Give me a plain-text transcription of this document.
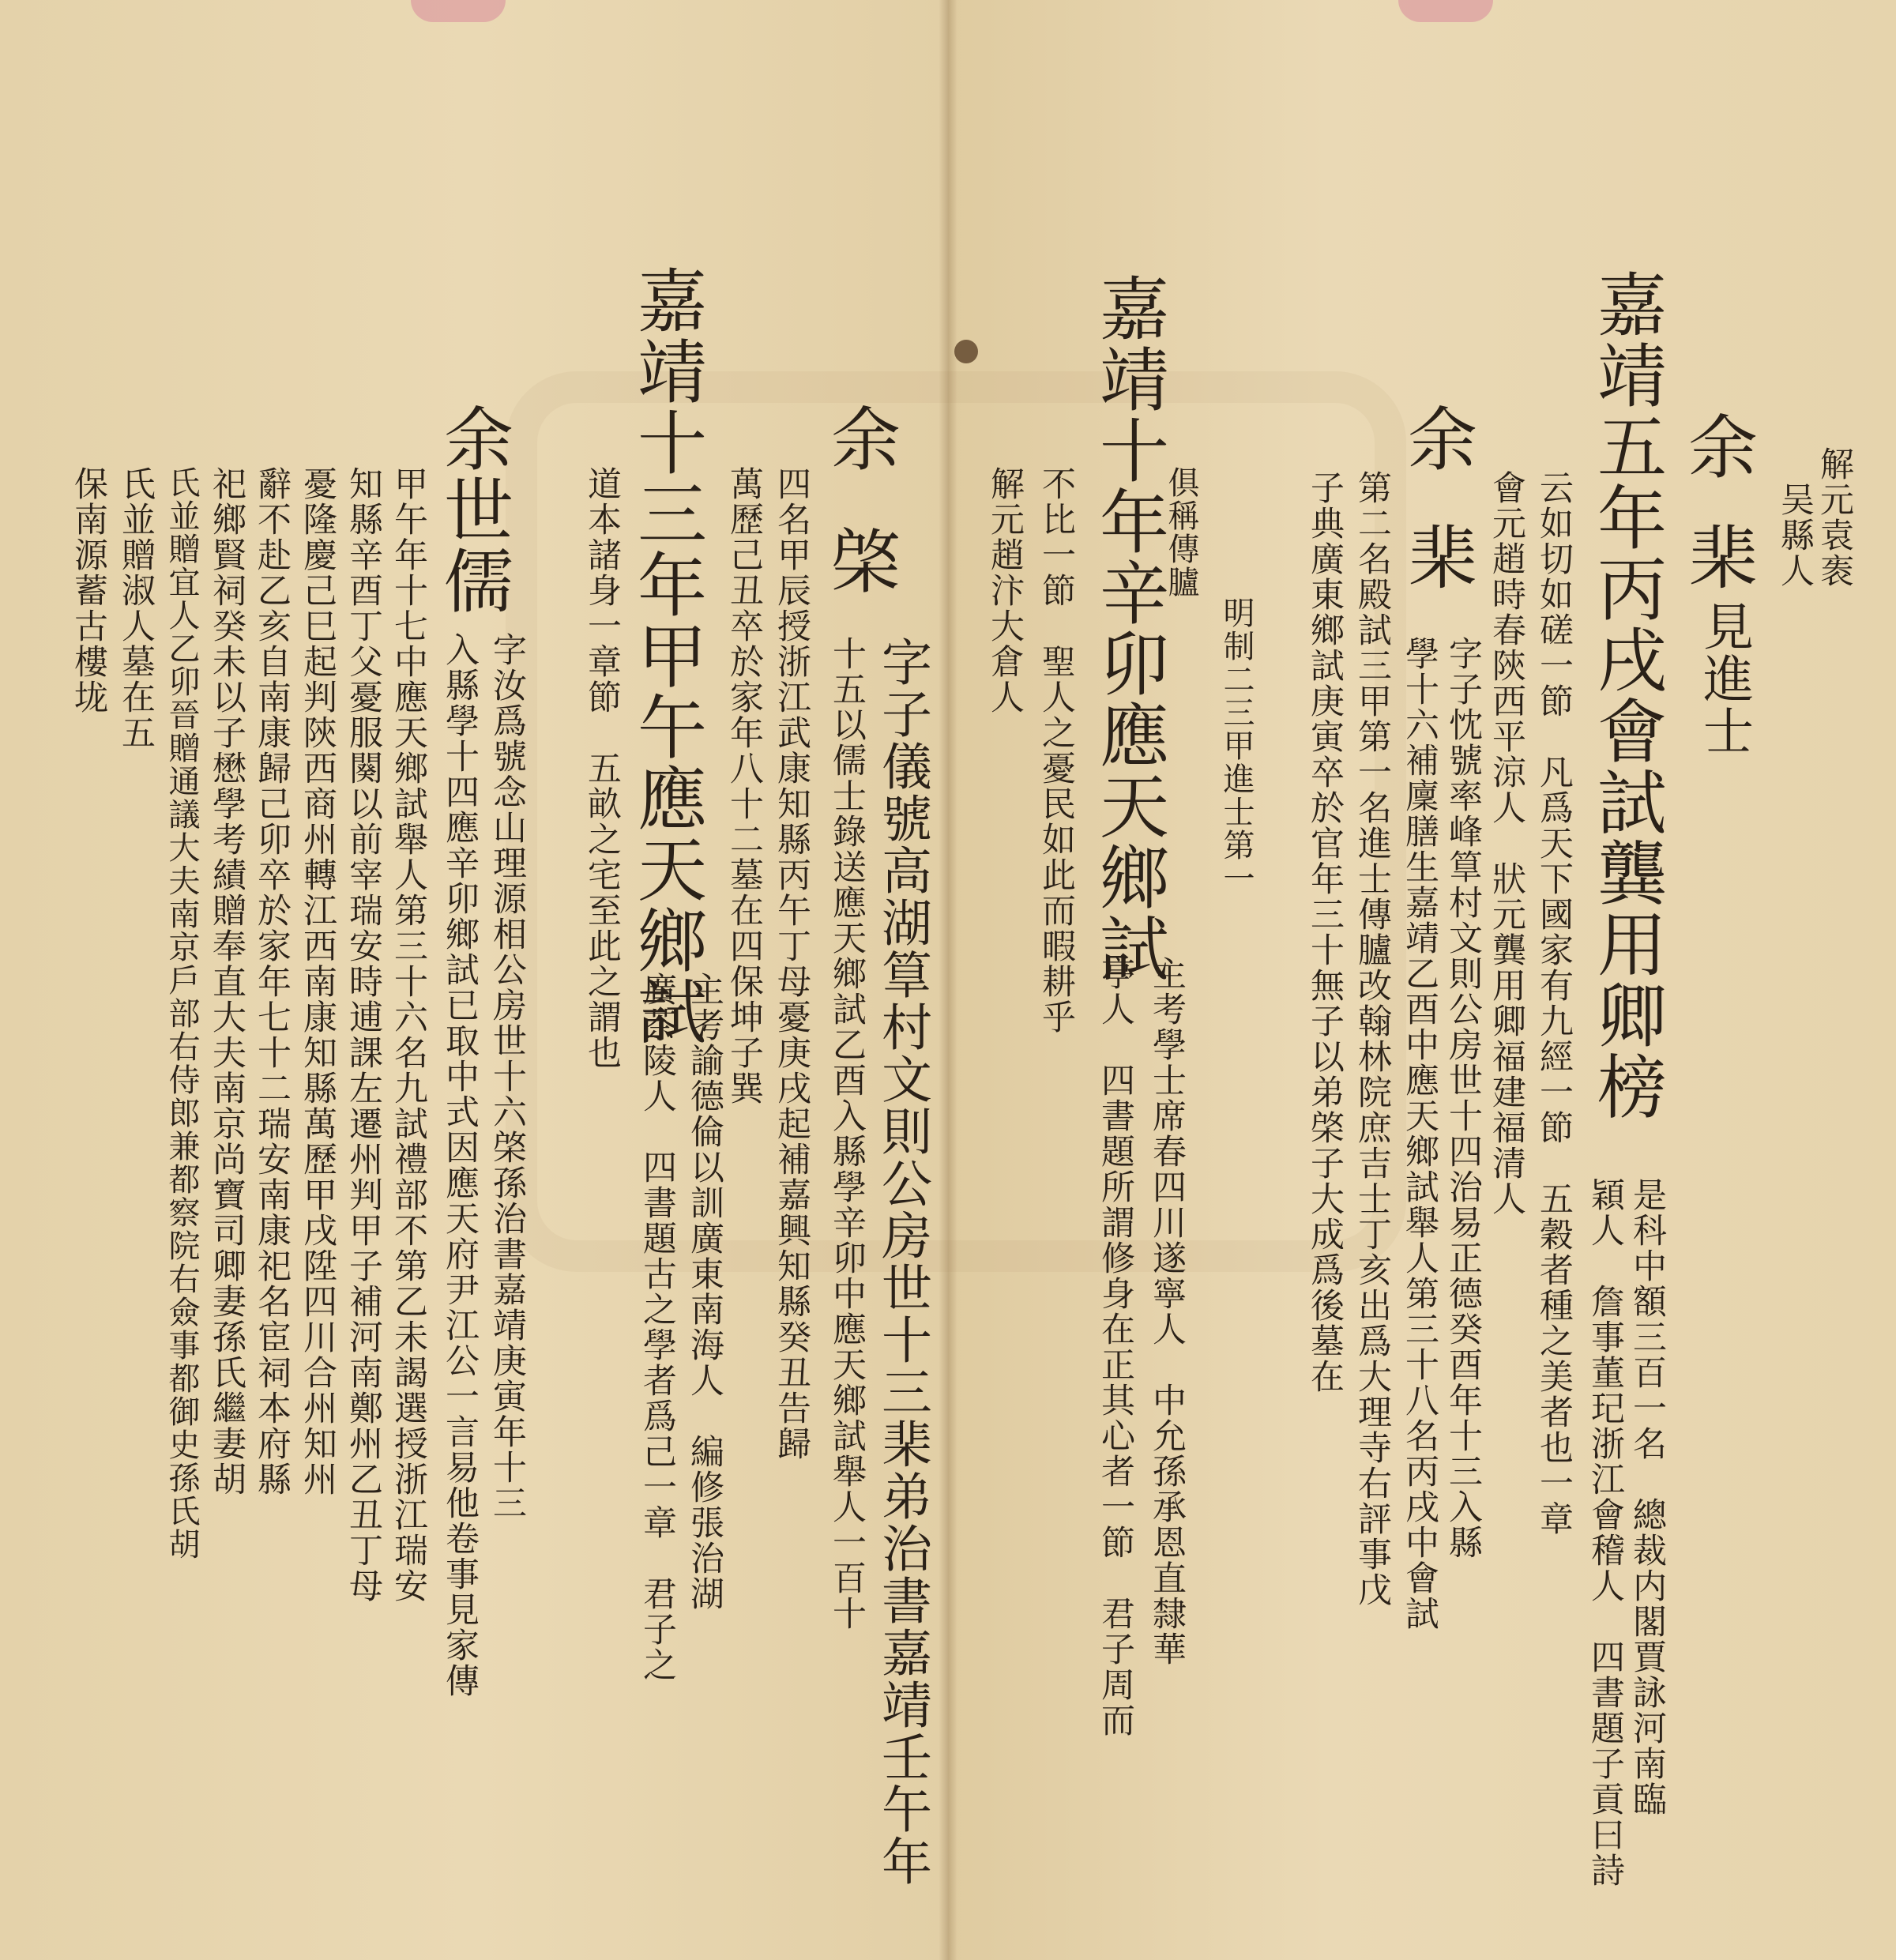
解元袁袠
吴縣人
余
棐
見進士
嘉靖五年丙戌會試龔用卿榜
是科中額三百一名　總裁内閣賈詠河南臨
穎人　詹事董玘浙江會稽人　四書題子貢曰詩
云如切如磋一節　凡爲天下國家有九經一節　五穀者種之美者也一章
會元趙時春陝西平涼人　狀元龔用卿福建福清人
余
棐
字子忱號率峰筸村文則公房世十四治易正德癸酉年十三入縣
學十六補廩膳生嘉靖乙酉中應天鄉試舉人第三十八名丙戌中會試
第二名殿試三甲第一名進士傳臚改翰林院庶吉士丁亥出爲大理寺右評事戊
子典廣東鄉試庚寅卒於官年三十無子以弟棨子大成爲後墓在
明制二三甲進士第一
俱稱傳臚
嘉靖十年辛卯應天鄉試
主考學士席春四川遂寧人　中允孫承恩直隸華
亭人　四書題所謂修身在正其心者一節　君子周而
不比一節　聖人之憂民如此而暇耕乎
解元趙汴大倉人
余
棨
字子儀號高湖筸村文則公房世十三棐弟治書嘉靖壬午年
十五以儒士錄送應天鄉試乙酉入縣學辛卯中應天鄉試舉人一百十
四名甲辰授浙江武康知縣丙午丁母憂庚戌起補嘉興知縣癸丑告歸
萬歷己丑卒於家年八十二墓在四保坤子巽
嘉靖十三年甲午應天鄉試
主考諭德倫以訓廣東南海人　編修張治湖
廣茶陵人　四書題古之學者爲己一章　君子之
道本諸身一章節　五畝之宅至此之謂也
余世儒
字汝爲號念山理源相公房世十六棨孫治書嘉靖庚寅年十三
入縣學十四應辛卯鄉試已取中式因應天府尹江公一言易他卷事見家傳
甲午年十七中應天鄉試舉人第三十六名九試禮部不第乙未謁選授浙江瑞安
知縣辛酉丁父憂服闋以前宰瑞安時逋課左遷州判甲子補河南鄭州乙丑丁母
憂隆慶己巳起判陝西商州轉江西南康知縣萬歷甲戌陞四川合州知州
辭不赴乙亥自南康歸己卯卒於家年七十二瑞安南康祀名宦祠本府縣
祀鄉賢祠癸未以子懋學考績贈奉直大夫南京尚寶司卿妻孫氏繼妻胡
氏並贈宜人乙卯晉贈通議大夫南京戶部右侍郎兼都察院右僉事都御史孫氏胡
氏並贈淑人墓在五
保南源蓄古樓垅
